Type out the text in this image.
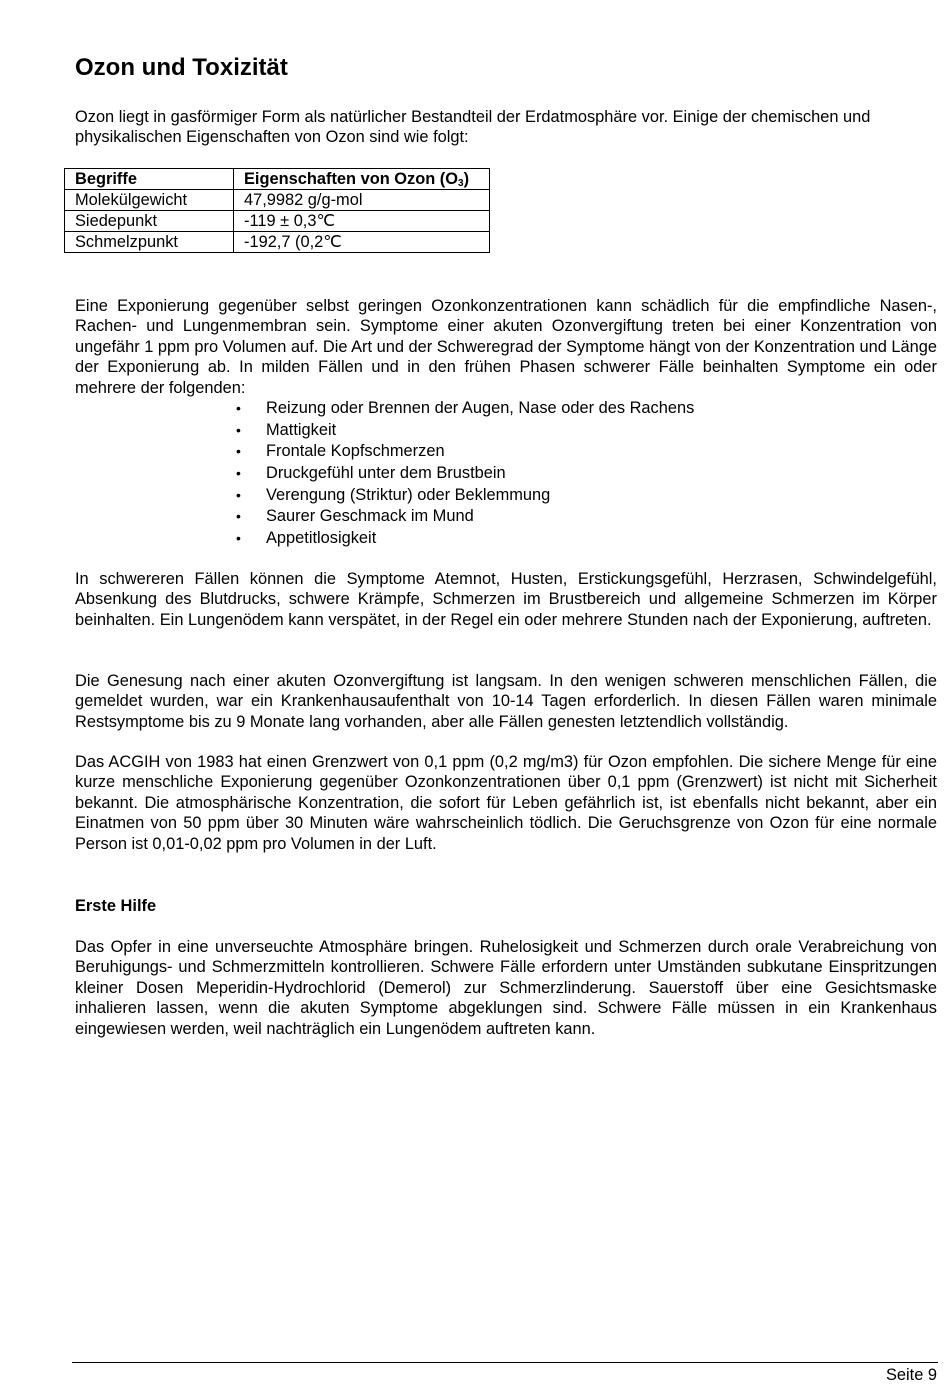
Ozon und Toxizität

Ozon liegt in gasförmiger Form als natürlicher Bestandteil der Erdatmosphäre vor. Einige der chemischen und physikalischen Eigenschaften von Ozon sind wie folgt:

Begriffe	Eigenschaften von Ozon $(O_3)$
Molekülgewicht	47,9982 g/g-mol
Siedepunkt	-119 ± 0,3℃
Schmelzpunkt	-192,7 (0,2℃

Eine Exponierung gegenüber selbst geringen Ozonkonzentrationen kann schädlich für die empfindliche Nasen-, Rachen- und Lungenmembran sein. Symptome einer akuten Ozonvergiftung treten bei einer Konzentration von ungefähr 1 ppm pro Volumen auf. Die Art und der Schweregrad der Symptome hängt von der Konzentration und Länge der Exponierung ab. In milden Fällen und in den frühen Phasen schwerer Fälle beinhalten Symptome ein oder mehrere der folgenden:

• Reizung oder Brennen der Augen, Nase oder des Rachens
• Mattigkeit
• Frontale Kopfschmerzen
• Druckgefühl unter dem Brustbein
• Verengung (Striktur) oder Beklemmung
• Saurer Geschmack im Mund
• Appetitlosigkeit

In schwereren Fällen können die Symptome Atemnot, Husten, Erstickungsgefühl, Herzrasen, Schwindelgefühl, Absenkung des Blutdrucks, schwere Krämpfe, Schmerzen im Brustbereich und allgemeine Schmerzen im Körper beinhalten. Ein Lungenödem kann verspätet, in der Regel ein oder mehrere Stunden nach der Exponierung, auftreten.

Die Genesung nach einer akuten Ozonvergiftung ist langsam. In den wenigen schweren menschlichen Fällen, die gemeldet wurden, war ein Krankenhausaufenthalt von 10-14 Tagen erforderlich. In diesen Fällen waren minimale Restsymptome bis zu 9 Monate lang vorhanden, aber alle Fällen genesten letztendlich vollständig.

Das ACGIH von 1983 hat einen Grenzwert von 0,1 ppm (0,2 mg/m3) für Ozon empfohlen. Die sichere Menge für eine kurze menschliche Exponierung gegenüber Ozonkonzentrationen über 0,1 ppm (Grenzwert) ist nicht mit Sicherheit bekannt. Die atmosphärische Konzentration, die sofort für Leben gefährlich ist, ist ebenfalls nicht bekannt, aber ein Einatmen von 50 ppm über 30 Minuten wäre wahrscheinlich tödlich. Die Geruchsgrenze von Ozon für eine normale Person ist 0,01-0,02 ppm pro Volumen in der Luft.

Erste Hilfe

Das Opfer in eine unverseuchte Atmosphäre bringen. Ruhelosigkeit und Schmerzen durch orale Verabreichung von Beruhigungs- und Schmerzmitteln kontrollieren. Schwere Fälle erfordern unter Umständen subkutane Einspritzungen kleiner Dosen Meperidin-Hydrochlorid (Demerol) zur Schmerzlinderung. Sauerstoff über eine Gesichtsmaske inhalieren lassen, wenn die akuten Symptome abgeklungen sind. Schwere Fälle müssen in ein Krankenhaus eingewiesen werden, weil nachträglich ein Lungenödem auftreten kann.

Seite 9
